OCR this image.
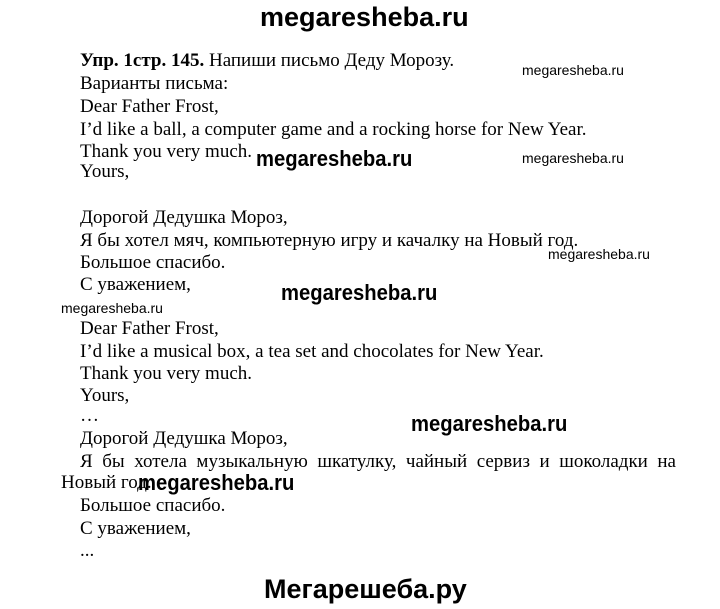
megaresheba.ru
megaresheba.ru
megaresheba.ru	megaresheba.ru
megaresheba.ru
megaresheba.ru
megaresheba.ru
megaresheba.ru
megaresheba.ru
Мегарешеба.ру
Упр. 1стр. 145. Напиши письмо Деду Морозу.
Варианты письма:
Dear Father Frost,
I’d like a ball, a computer game and a rocking horse for New Year.
Thank you very much.
Yours,
Дорогой Дедушка Мороз,
Я бы хотел мяч, компьютерную игру и качалку на Новый год.
Большое спасибо.
С уважением,
Dear Father Frost,
I’d like a musical box, a tea set and chocolates for New Year.
Thank you very much.
Yours,
…
Дорогой Дедушка Мороз,
Я бы хотела музыкальную шкатулку, чайный сервиз и шоколадки на
Новый год.
Большое спасибо.
С уважением,
...
